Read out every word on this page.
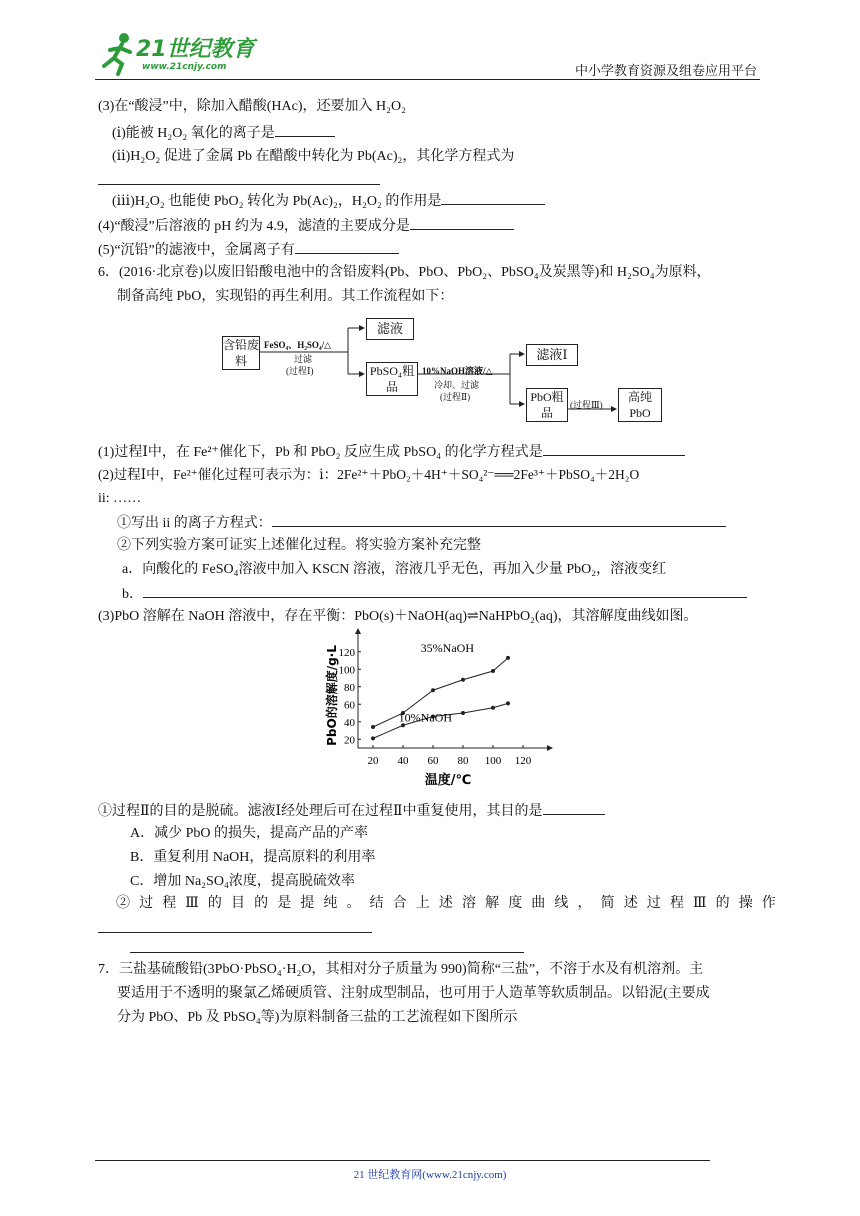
21世纪教育
www.21cnjy.com	中小学教育资源及组卷应用平台
(3)在“酸浸”中，除加入醋酸(HAc)，还要加入 H₂O₂
(ⅰ)能被 H₂O₂ 氧化的离子是
(ⅱ)H₂O₂ 促进了金属 Pb 在醋酸中转化为 Pb(Ac)₂，其化学方程式为
(ⅲ)H₂O₂ 也能使 PbO₂ 转化为 Pb(Ac)₂，H₂O₂ 的作用是
(4)“酸浸”后溶液的 pH 约为 4.9，滤渣的主要成分是
(5)“沉铅”的滤液中，金属离子有
6．(2016·北京卷)以废旧铅酸电池中的含铅废料(Pb、PbO、PbO₂、PbSO₄及炭黑等)和 H₂SO₄为原料，
制备高纯 PbO，实现铅的再生利用。其工作流程如下：
含铅废料
FeSO₄、H₂SO₄/△
过滤
(过程Ⅰ)
滤液
PbSO₄粗品
10%NaOH溶液/△
冷却、过滤
(过程Ⅱ)
滤液Ⅰ
PbO粗品
(过程Ⅲ)
高纯PbO
(1)过程Ⅰ中，在 Fe²⁺催化下，Pb 和 PbO₂ 反应生成 PbSO₄ 的化学方程式是
(2)过程Ⅰ中，Fe²⁺催化过程可表示为：ⅰ：2Fe²⁺＋PbO₂＋4H⁺＋SO₄²⁻══2Fe³⁺＋PbSO₄＋2H₂O
ii: ……
①写出 ii 的离子方程式：
②下列实验方案可证实上述催化过程。将实验方案补充完整
a．向酸化的 FeSO₄溶液中加入 KSCN 溶液，溶液几乎无色，再加入少量 PbO₂，溶液变红
b．
(3)PbO 溶解在 NaOH 溶液中，存在平衡：PbO(s)＋NaOH(aq)⇌NaHPbO₂(aq)，其溶解度曲线如图。
20 40 60 80 100 120
20
40
60
80
100
120
温度/℃
PbO的溶解度/g·L	35%NaOH
10%NaOH
①过程Ⅱ的目的是脱硫。滤液Ⅰ经处理后可在过程Ⅱ中重复使用，其目的是
A．减少 PbO 的损失，提高产品的产率
B．重复利用 NaOH，提高原料的利用率
C．增加 Na₂SO₄浓度，提高脱硫效率
②过程Ⅲ的目的是提纯。结合上述溶解度曲线，简述过程Ⅲ的操作
7．三盐基硫酸铅(3PbO·PbSO₄·H₂O，其相对分子质量为 990)简称“三盐”，不溶于水及有机溶剂。主
要适用于不透明的聚氯乙烯硬质管、注射成型制品，也可用于人造革等软质制品。以铅泥(主要成
分为 PbO、Pb 及 PbSO₄等)为原料制备三盐的工艺流程如下图所示
21 世纪教育网(www.21cnjy.com)
